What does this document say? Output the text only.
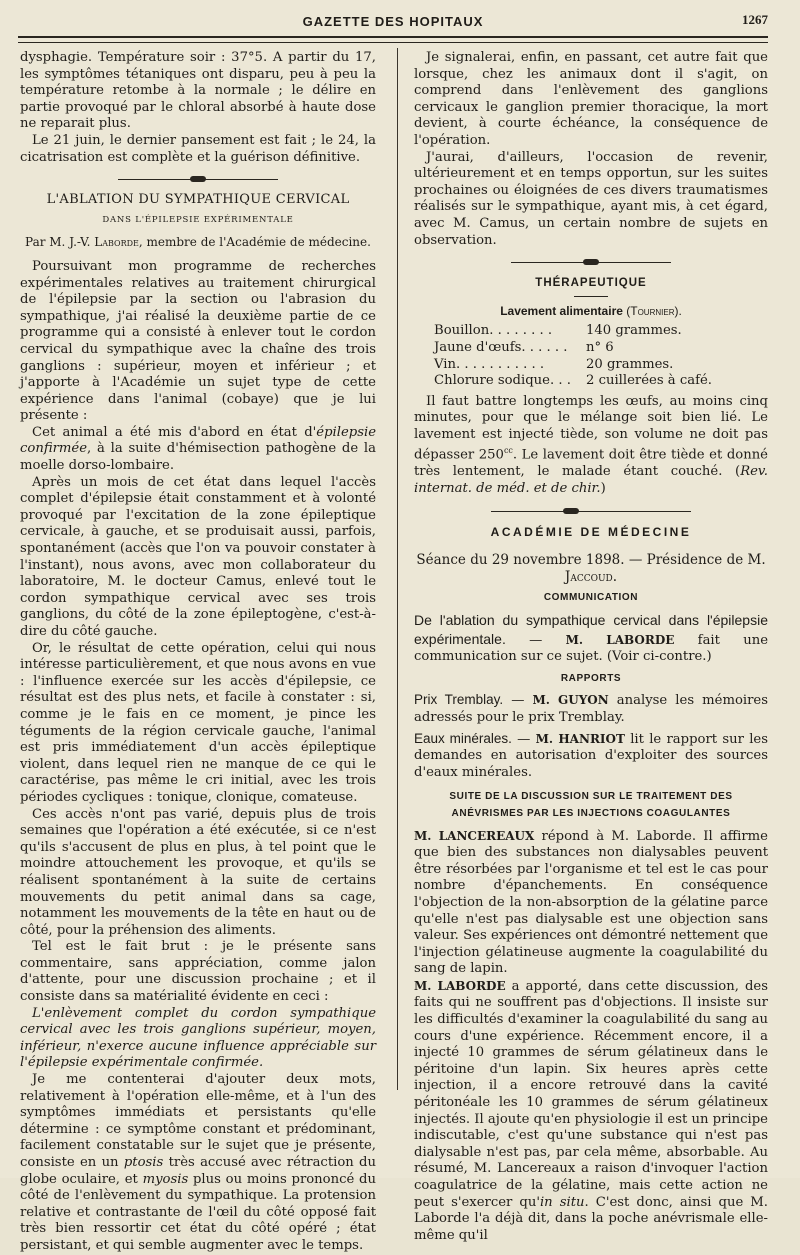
GAZETTE DES HOPITAUX	1267

dysphagie. Température soir : 37°5. A partir du 17, les symptômes tétaniques ont disparu, peu à peu la température retombe à la normale ; le délire en partie provoqué par le chloral absorbé à haute dose ne reparait plus.

Le 21 juin, le dernier pansement est fait ; le 24, la cicatrisation est complète et la guérison définitive.

L'ABLATION DU SYMPATHIQUE CERVICAL
DANS L'ÉPILEPSIE EXPÉRIMENTALE
Par M. J.-V. Laborde, membre de l'Académie de médecine.

Poursuivant mon programme de recherches expérimentales relatives au traitement chirurgical de l'épilepsie par la section ou l'abrasion du sympathique, j'ai réalisé la deuxième partie de ce programme qui a consisté à enlever tout le cordon cervical du sympathique avec la chaîne des trois ganglions : supérieur, moyen et inférieur ; et j'apporte à l'Académie un sujet type de cette expérience dans l'animal (cobaye) que je lui présente :

Cet animal a été mis d'abord en état d'épilepsie confirmée, à la suite d'hémisection pathogène de la moelle dorso-lombaire.

Après un mois de cet état dans lequel l'accès complet d'épilepsie était constamment et à volonté provoqué par l'excitation de la zone épileptique cervicale, à gauche, et se produisait aussi, parfois, spontanément (accès que l'on va pouvoir constater à l'instant), nous avons, avec mon collaborateur du laboratoire, M. le docteur Camus, enlevé tout le cordon sympathique cervical avec ses trois ganglions, du côté de la zone épileptogène, c'est-à-dire du côté gauche.

Or, le résultat de cette opération, celui qui nous intéresse particulièrement, et que nous avons en vue : l'influence exercée sur les accès d'épilepsie, ce résultat est des plus nets, et facile à constater : si, comme je le fais en ce moment, je pince les téguments de la région cervicale gauche, l'animal est pris immédiatement d'un accès épileptique violent, dans lequel rien ne manque de ce qui le caractérise, pas même le cri initial, avec les trois périodes cycliques : tonique, clonique, comateuse.

Ces accès n'ont pas varié, depuis plus de trois semaines que l'opération a été exécutée, si ce n'est qu'ils s'accusent de plus en plus, à tel point que le moindre attouchement les provoque, et qu'ils se réalisent spontanément à la suite de certains mouvements du petit animal dans sa cage, notamment les mouvements de la tête en haut ou de côté, pour la préhension des aliments.

Tel est le fait brut : je le présente sans commentaire, sans appréciation, comme jalon d'attente, pour une discussion prochaine ; et il consiste dans sa matérialité évidente en ceci :

L'enlèvement complet du cordon sympathique cervical avec les trois ganglions supérieur, moyen, inférieur, n'exerce aucune influence appréciable sur l'épilepsie expérimentale confirmée.

Je me contenterai d'ajouter deux mots, relativement à l'opération elle-même, et à l'un des symptômes immédiats et persistants qu'elle détermine : ce symptôme constant et prédominant, facilement constatable sur le sujet que je présente, consiste en un ptosis très accusé avec rétraction du globe oculaire, et myosis plus ou moins prononcé du côté de l'enlèvement du sympathique. La protension relative et contrastante de l'œil du côté opposé fait très bien ressortir cet état du côté opéré ; état persistant, et qui semble augmenter avec le temps.

Je signalerai, enfin, en passant, cet autre fait que lorsque, chez les animaux dont il s'agit, on comprend dans l'enlèvement des ganglions cervicaux le ganglion premier thoracique, la mort devient, à courte échéance, la conséquence de l'opération.

J'aurai, d'ailleurs, l'occasion de revenir, ultérieurement et en temps opportun, sur les suites prochaines ou éloignées de ces divers traumatismes réalisés sur le sympathique, ayant mis, à cet égard, avec M. Camus, un certain nombre de sujets en observation.

THÉRAPEUTIQUE
Lavement alimentaire (Tournier).
Bouillon. . . . . . . .	140 grammes.
Jaune d'œufs. . . . . .	n° 6
Vin. . . . . . . . . . .	20 grammes.
Chlorure sodique. . .	2 cuillerées à café.

Il faut battre longtemps les œufs, au moins cinq minutes, pour que le mélange soit bien lié. Le lavement est injecté tiède, son volume ne doit pas dépasser $250^{cc}$. Le lavement doit être tiède et donné très lentement, le malade étant couché. (Rev. internat. de méd. et de chir.)

ACADÉMIE DE MÉDECINE

Séance du 29 novembre 1898. — Présidence de M. Jaccoud.

COMMUNICATION

De l'ablation du sympathique cervical dans l'épilepsie expérimentale. — M. LABORDE fait une communication sur ce sujet. (Voir ci-contre.)

RAPPORTS

Prix Tremblay. — M. GUYON analyse les mémoires adressés pour le prix Tremblay.

Eaux minérales. — M. HANRIOT lit le rapport sur les demandes en autorisation d'exploiter des sources d'eaux minérales.

SUITE DE LA DISCUSSION SUR LE TRAITEMENT DES ANÉVRISMES PAR LES INJECTIONS COAGULANTES

M. LANCEREAUX répond à M. Laborde. Il affirme que bien des substances non dialysables peuvent être résorbées par l'organisme et tel est le cas pour nombre d'épanchements. En conséquence l'objection de la non-absorption de la gélatine parce qu'elle n'est pas dialysable est une objection sans valeur. Ses expériences ont démontré nettement que l'injection gélatineuse augmente la coagulabilité du sang de lapin.

M. LABORDE a apporté, dans cette discussion, des faits qui ne souffrent pas d'objections. Il insiste sur les difficultés d'examiner la coagulabilité du sang au cours d'une expérience. Récemment encore, il a injecté 10 grammes de sérum gélatineux dans le péritoine d'un lapin. Six heures après cette injection, il a encore retrouvé dans la cavité péritonéale les 10 grammes de sérum gélatineux injectés. Il ajoute qu'en physiologie il est un principe indiscutable, c'est qu'une substance qui n'est pas dialysable n'est pas, par cela même, absorbable. Au résumé, M. Lancereaux a raison d'invoquer l'action coagulatrice de la gélatine, mais cette action ne peut s'exercer qu'in situ. C'est donc, ainsi que M. Laborde l'a déjà dit, dans la poche anévrismale elle-même qu'il
